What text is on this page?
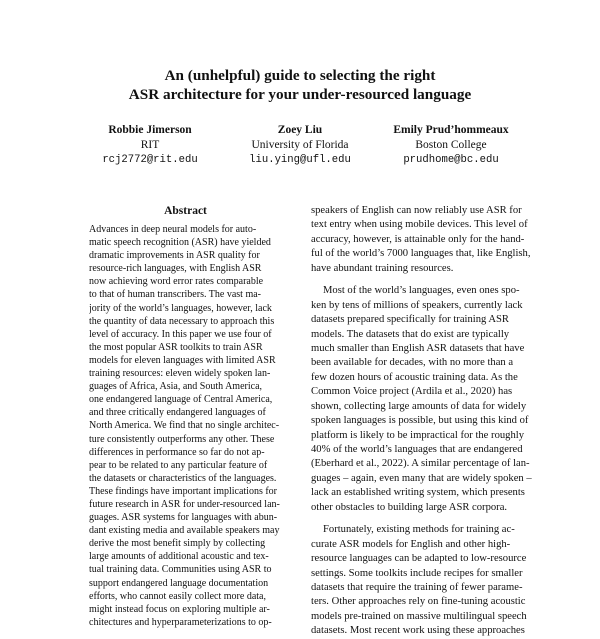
An (unhelpful) guide to selecting the right
ASR architecture for your under-resourced language
Robbie Jimerson
RIT
rcj2772@rit.edu
Zoey Liu
University of Florida
liu.ying@ufl.edu
Emily Prud’hommeaux
Boston College
prudhome@bc.edu
Abstract
Advances in deep neural models for auto-
matic speech recognition (ASR) have yielded
dramatic improvements in ASR quality for
resource-rich languages, with English ASR
now achieving word error rates comparable
to that of human transcribers. The vast ma-
jority of the world’s languages, however, lack
the quantity of data necessary to approach this
level of accuracy. In this paper we use four of
the most popular ASR toolkits to train ASR
models for eleven languages with limited ASR
training resources: eleven widely spoken lan-
guages of Africa, Asia, and South America,
one endangered language of Central America,
and three critically endangered languages of
North America. We find that no single architec-
ture consistently outperforms any other. These
differences in performance so far do not ap-
pear to be related to any particular feature of
the datasets or characteristics of the languages.
These findings have important implications for
future research in ASR for under-resourced lan-
guages. ASR systems for languages with abun-
dant existing media and available speakers may
derive the most benefit simply by collecting
large amounts of additional acoustic and tex-
tual training data. Communities using ASR to
support endangered language documentation
efforts, who cannot easily collect more data,
might instead focus on exploring multiple ar-
chitectures and hyperparameterizations to op-
speakers of English can now reliably use ASR for
text entry when using mobile devices. This level of
accuracy, however, is attainable only for the hand-
ful of the world’s 7000 languages that, like English,
have abundant training resources.
Most of the world’s languages, even ones spo-
ken by tens of millions of speakers, currently lack
datasets prepared specifically for training ASR
models. The datasets that do exist are typically
much smaller than English ASR datasets that have
been available for decades, with no more than a
few dozen hours of acoustic training data. As the
Common Voice project (Ardila et al., 2020) has
shown, collecting large amounts of data for widely
spoken languages is possible, but using this kind of
platform is likely to be impractical for the roughly
40% of the world’s languages that are endangered
(Eberhard et al., 2022). A similar percentage of lan-
guages – again, even many that are widely spoken –
lack an established writing system, which presents
other obstacles to building large ASR corpora.
Fortunately, existing methods for training ac-
curate ASR models for English and other high-
resource languages can be adapted to low-resource
settings. Some toolkits include recipes for smaller
datasets that require the training of fewer parame-
ters. Other approaches rely on fine-tuning acoustic
models pre-trained on massive multilingual speech
datasets. Most recent work using these approaches
